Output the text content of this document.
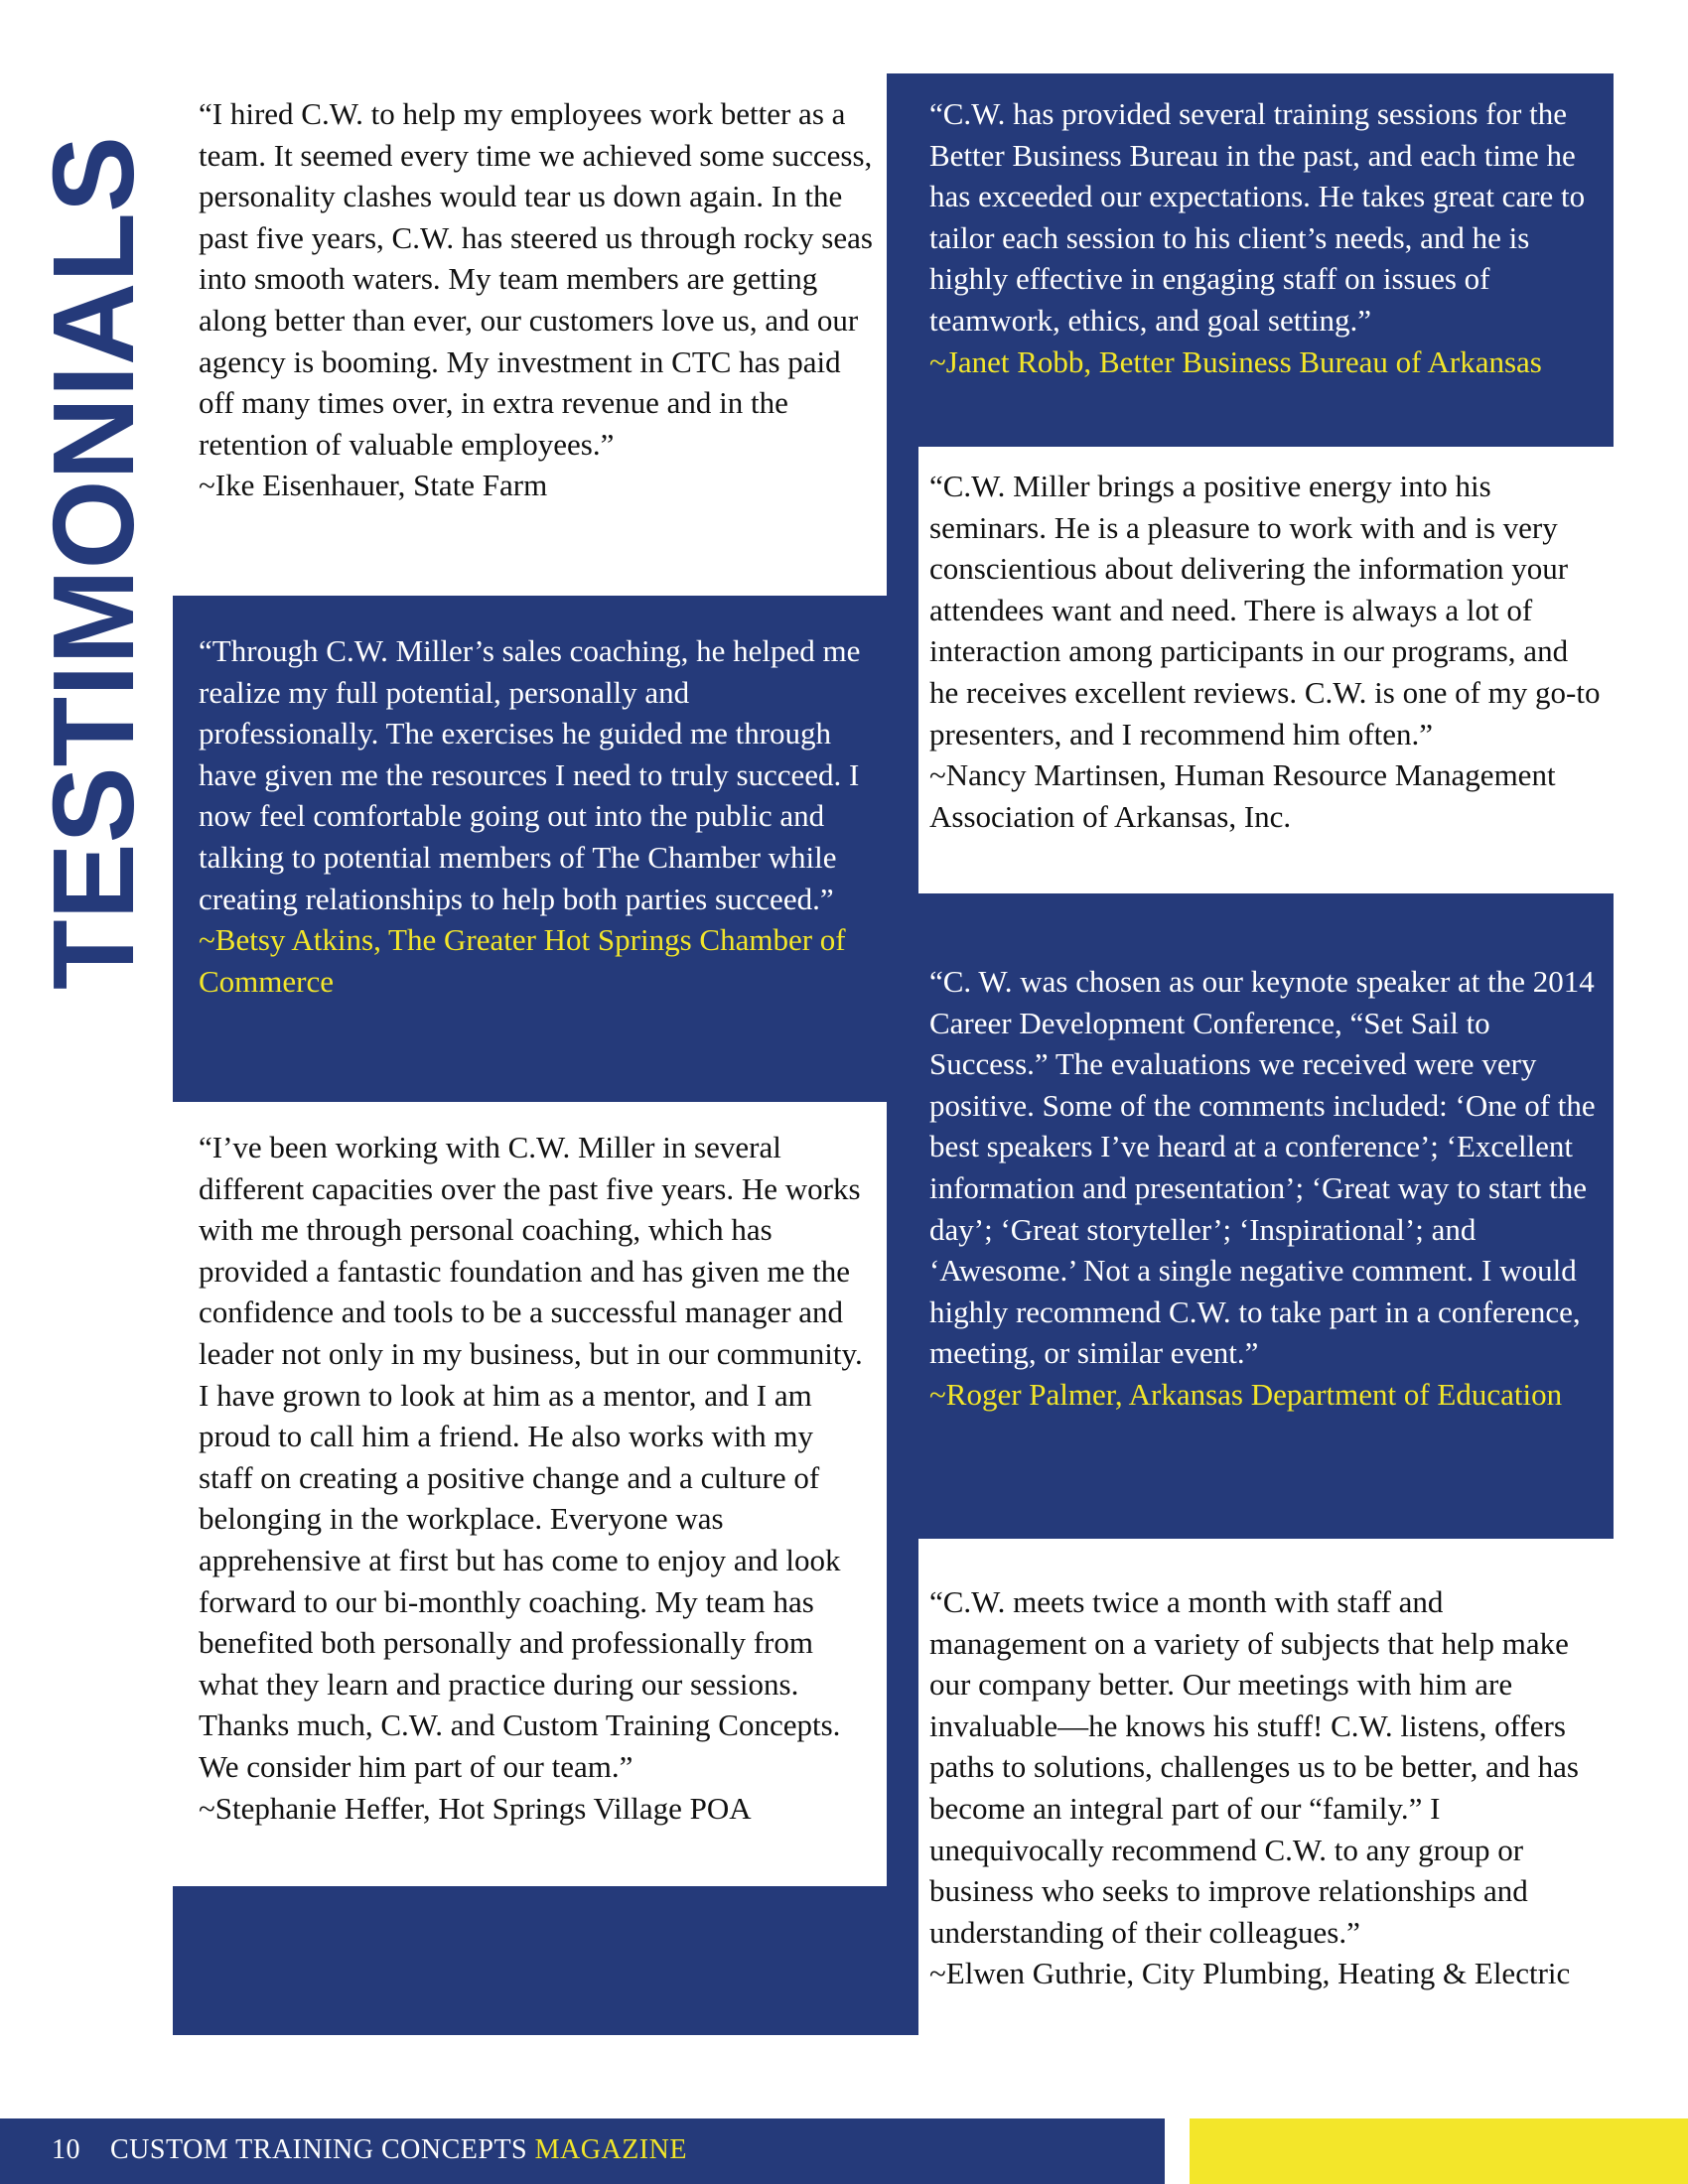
TESTIMONIALS

“I hired C.W. to help my employees work better as a team. It seemed every time we achieved some success, personality clashes would tear us down again. In the past five years, C.W. has steered us through rocky seas into smooth waters. My team members are getting along better than ever, our customers love us, and our agency is booming. My investment in CTC has paid off many times over, in extra revenue and in the retention of valuable employees.”

~Ike Eisenhauer, State Farm

“Through C.W. Miller’s sales coaching, he helped me realize my full potential, personally and professionally. The exercises he guided me through have given me the resources I need to truly succeed. I now feel comfortable going out into the public and talking to potential members of The Chamber while creating relationships to help both parties succeed.”

~Betsy Atkins, The Greater Hot Springs Chamber of Commerce

“I’ve been working with C.W. Miller in several different capacities over the past five years. He works with me through personal coaching, which has provided a fantastic foundation and has given me the confidence and tools to be a successful manager and leader not only in my business, but in our community. I have grown to look at him as a mentor, and I am proud to call him a friend. He also works with my staff on creating a positive change and a culture of belonging in the workplace. Everyone was apprehensive at first but has come to enjoy and look forward to our bi-monthly coaching. My team has benefited both personally and professionally from what they learn and practice during our sessions. Thanks much, C.W. and Custom Training Concepts. We consider him part of our team.”

~Stephanie Heffer, Hot Springs Village POA

“C.W. has provided several training sessions for the Better Business Bureau in the past, and each time he has exceeded our expectations. He takes great care to tailor each session to his client’s needs, and he is highly effective in engaging staff on issues of teamwork, ethics, and goal setting.”

~Janet Robb, Better Business Bureau of Arkansas

“C.W. Miller brings a positive energy into his seminars. He is a pleasure to work with and is very conscientious about delivering the information your attendees want and need. There is always a lot of interaction among participants in our programs, and he receives excellent reviews. C.W. is one of my go-to presenters, and I recommend him often.”

~Nancy Martinsen, Human Resource Management Association of Arkansas, Inc.

“C. W. was chosen as our keynote speaker at the 2014 Career Development Conference, “Set Sail to Success.” The evaluations we received were very positive. Some of the comments included: ‘One of the best speakers I’ve heard at a conference’; ‘Excellent information and presentation’; ‘Great way to start the day’; ‘Great storyteller’; ‘Inspirational’; and ‘Awesome.’ Not a single negative comment. I would highly recommend C.W. to take part in a conference, meeting, or similar event.”

~Roger Palmer, Arkansas Department of Education

“C.W. meets twice a month with staff and management on a variety of subjects that help make our company better. Our meetings with him are invaluable—he knows his stuff! C.W. listens, offers paths to solutions, challenges us to be better, and has become an integral part of our “family.” I unequivocally recommend C.W. to any group or business who seeks to improve relationships and understanding of their colleagues.”

~Elwen Guthrie, City Plumbing, Heating & Electric

10 CUSTOM TRAINING CONCEPTS MAGAZINE
